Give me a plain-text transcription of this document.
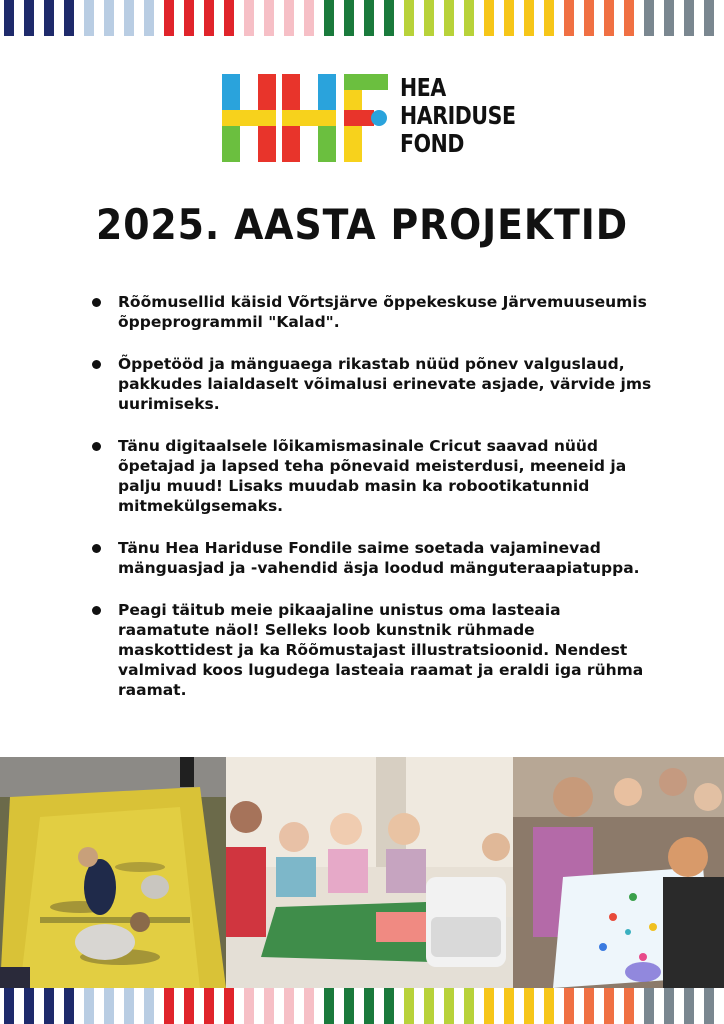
HEA
HARIDUSE
FOND
2025. AASTA PROJEKTID
Rõõmusellid käisid Võrtsjärve õppekeskuse Järvemuuseumis õppeprogrammil "Kalad".
Õppetööd ja mänguaega rikastab nüüd põnev valguslaud, pakkudes laialdaselt võimalusi erinevate asjade, värvide jms uurimiseks.
Tänu digitaalsele lõikamismasinale Cricut saavad nüüd õpetajad ja lapsed teha põnevaid meisterdusi, meeneid ja palju muud! Lisaks muudab masin ka robootikatunnid mitmekülgsemaks.
Tänu Hea Hariduse Fondile saime soetada vajaminevad mänguasjad ja -vahendid äsja loodud mänguteraapiatuppa.
Peagi täitub meie pikaajaline unistus oma lasteaia raamatute näol! Selleks loob kunstnik rühmade maskottidest ja ka Rõõmustajast illustratsioonid. Nendest valmivad koos lugudega lasteaia raamat ja eraldi iga rühma raamat.
